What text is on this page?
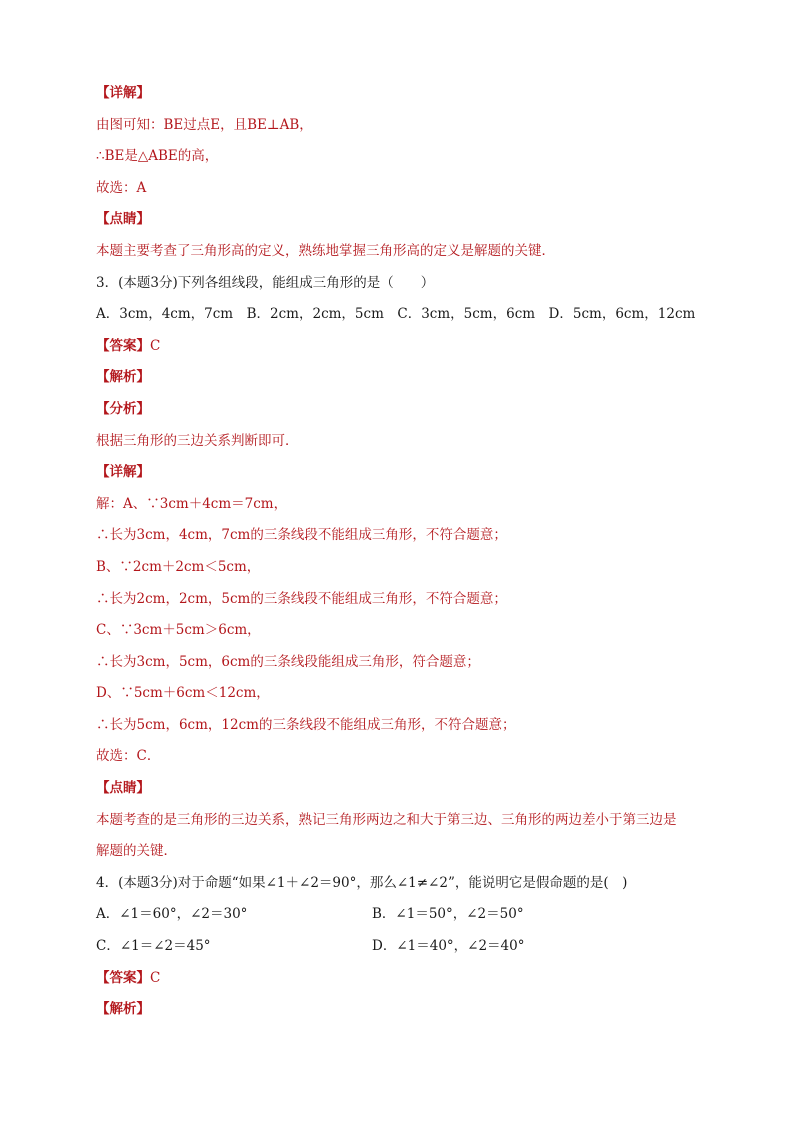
【详解】
由图可知：BE过点E，且BE⊥AB，
∴BE是△ABE的高，
故选：A
【点睛】
本题主要考查了三角形高的定义，熟练地掌握三角形高的定义是解题的关键．
3．(本题3分)下列各组线段，能组成三角形的是（　　）
A．3cm，4cm，7cm　B．2cm，2cm，5cm　C．3cm，5cm，6cm　D．5cm，6cm，12cm
【答案】C
【解析】
【分析】
根据三角形的三边关系判断即可．
【详解】
解：A、∵3cm＋4cm＝7cm，
∴长为3cm，4cm，7cm的三条线段不能组成三角形，不符合题意；
B、∵2cm＋2cm＜5cm，
∴长为2cm，2cm，5cm的三条线段不能组成三角形，不符合题意；
C、∵3cm＋5cm＞6cm，
∴长为3cm，5cm，6cm的三条线段能组成三角形，符合题意；
D、∵5cm＋6cm＜12cm，
∴长为5cm，6cm，12cm的三条线段不能组成三角形，不符合题意；
故选：C．
【点睛】
本题考查的是三角形的三边关系，熟记三角形两边之和大于第三边、三角形的两边差小于第三边是
解题的关键．
4．(本题3分)对于命题“如果∠1＋∠2＝90°，那么∠1≠∠2”，能说明它是假命题的是(　)
A．∠1＝60°，∠2＝30°	B．∠1＝50°，∠2＝50°
C．∠1＝∠2＝45°	D．∠1＝40°，∠2＝40°
【答案】C
【解析】
